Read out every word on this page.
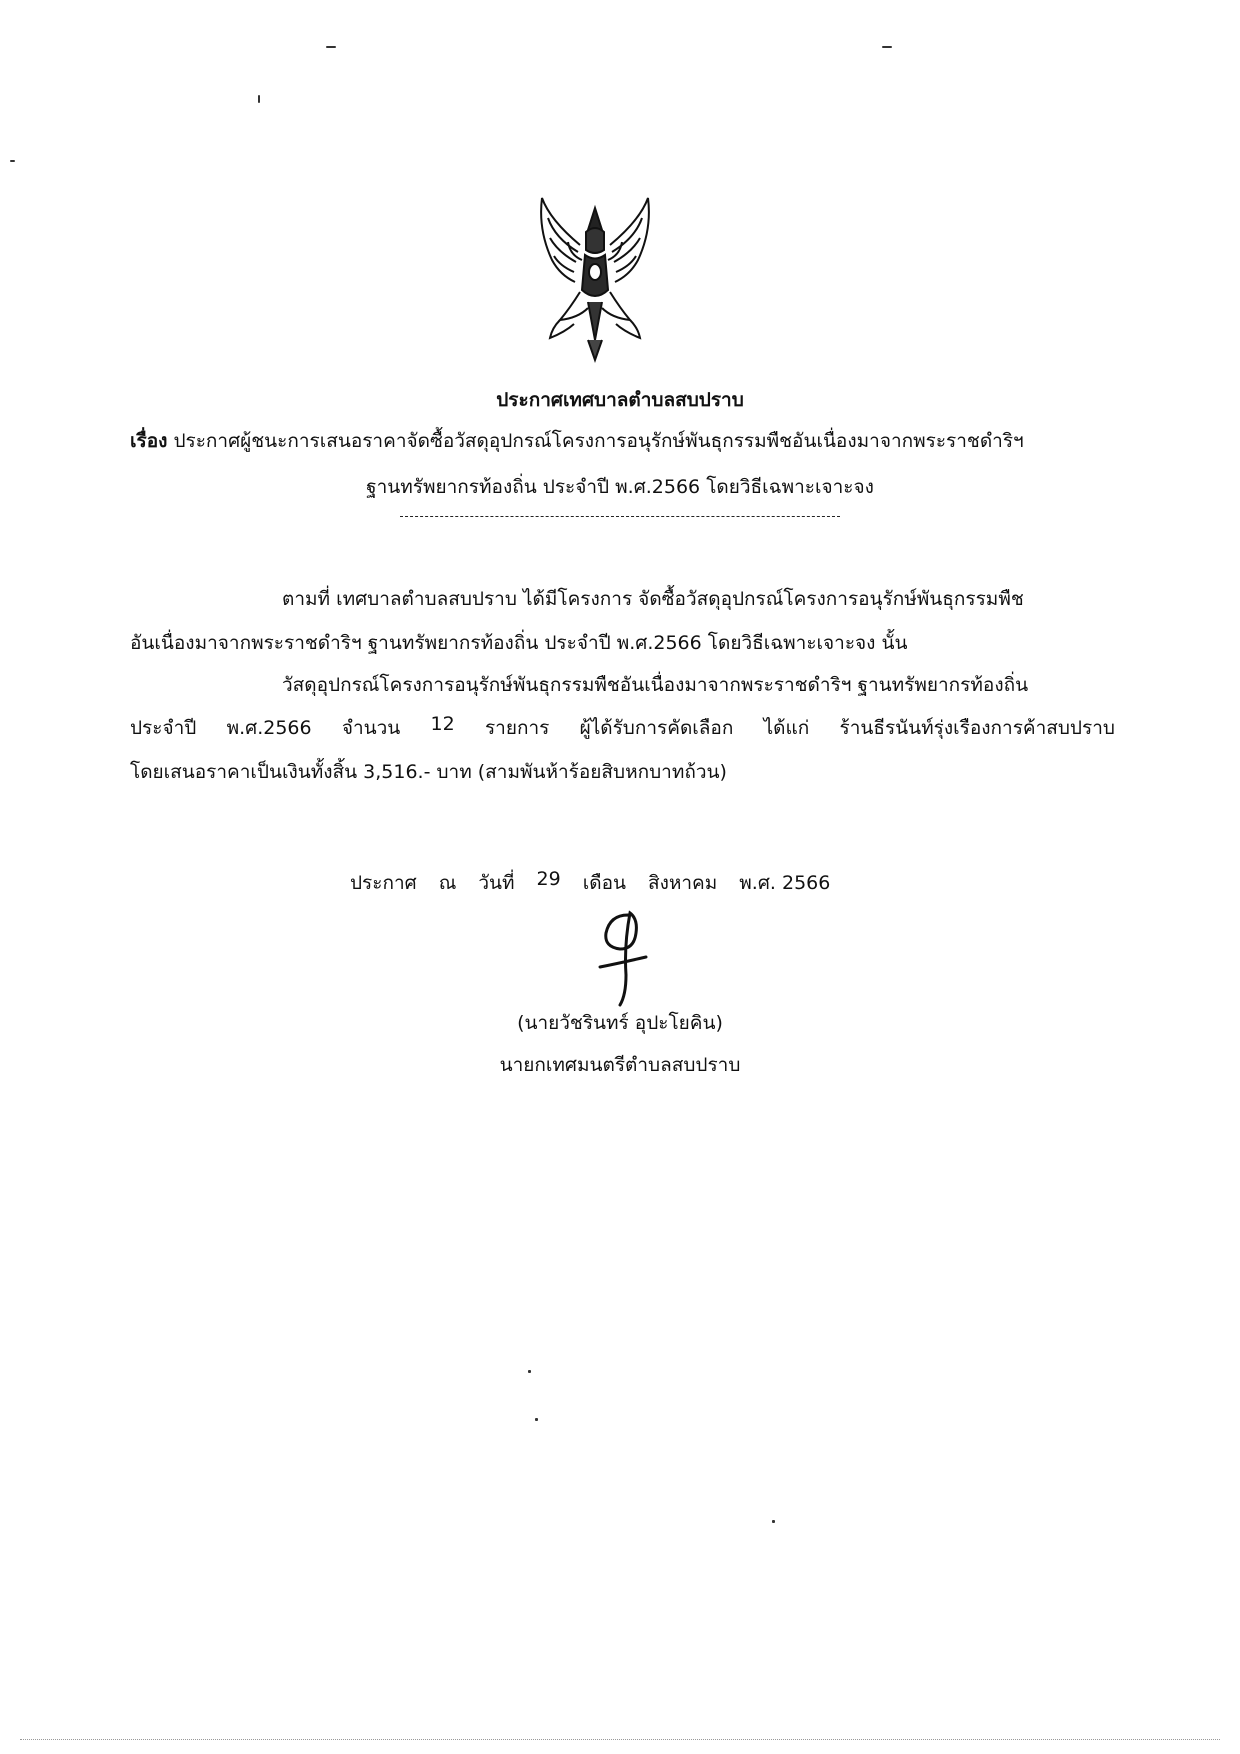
ประกาศเทศบาลตำบลสบปราบ
เรื่อง ประกาศผู้ชนะการเสนอราคาจัดซื้อวัสดุอุปกรณ์โครงการอนุรักษ์พันธุกรรมพืชอันเนื่องมาจากพระราชดำริฯ
ฐานทรัพยากรท้องถิ่น ประจำปี พ.ศ.2566 โดยวิธีเฉพาะเจาะจง
ตามที่ เทศบาลตำบลสบปราบ ได้มีโครงการ จัดซื้อวัสดุอุปกรณ์โครงการอนุรักษ์พันธุกรรมพืช
อันเนื่องมาจากพระราชดำริฯ ฐานทรัพยากรท้องถิ่น ประจำปี พ.ศ.2566 โดยวิธีเฉพาะเจาะจง นั้น
วัสดุอุปกรณ์โครงการอนุรักษ์พันธุกรรมพืชอันเนื่องมาจากพระราชดำริฯ ฐานทรัพยากรท้องถิ่น
ประจำปี พ.ศ.2566 จำนวน 12 รายการ ผู้ได้รับการคัดเลือก ได้แก่ ร้านธีรนันท์รุ่งเรืองการค้าสบปราบ
โดยเสนอราคาเป็นเงินทั้งสิ้น 3,516.- บาท (สามพันห้าร้อยสิบหกบาทถ้วน)
ประกาศ ณ วันที่ 29 เดือน สิงหาคม พ.ศ. 2566
(นายวัชรินทร์ อุปะโยคิน)
นายกเทศมนตรีตำบลสบปราบ
